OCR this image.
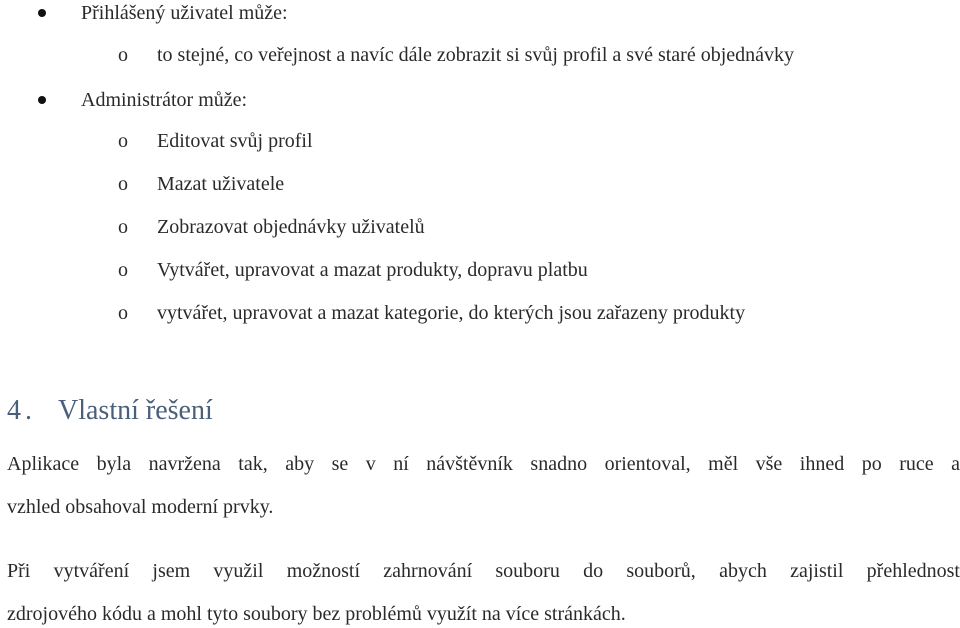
Přihlášený uživatel může:
o to stejné, co veřejnost a navíc dále zobrazit si svůj profil a své staré objednávky
Administrátor může:
o Editovat svůj profil
o Mazat uživatele
o Zobrazovat objednávky uživatelů
o Vytvářet, upravovat a mazat produkty, dopravu platbu
o vytvářet, upravovat a mazat kategorie, do kterých jsou zařazeny produkty
4. Vlastní řešení
Aplikace byla navržena tak, aby se v ní návštěvník snadno orientoval, měl vše ihned po ruce a
vzhled obsahoval moderní prvky.
Při vytváření jsem využil možností zahrnování souboru do souborů, abych zajistil přehlednost
zdrojového kódu a mohl tyto soubory bez problémů využít na více stránkách.
